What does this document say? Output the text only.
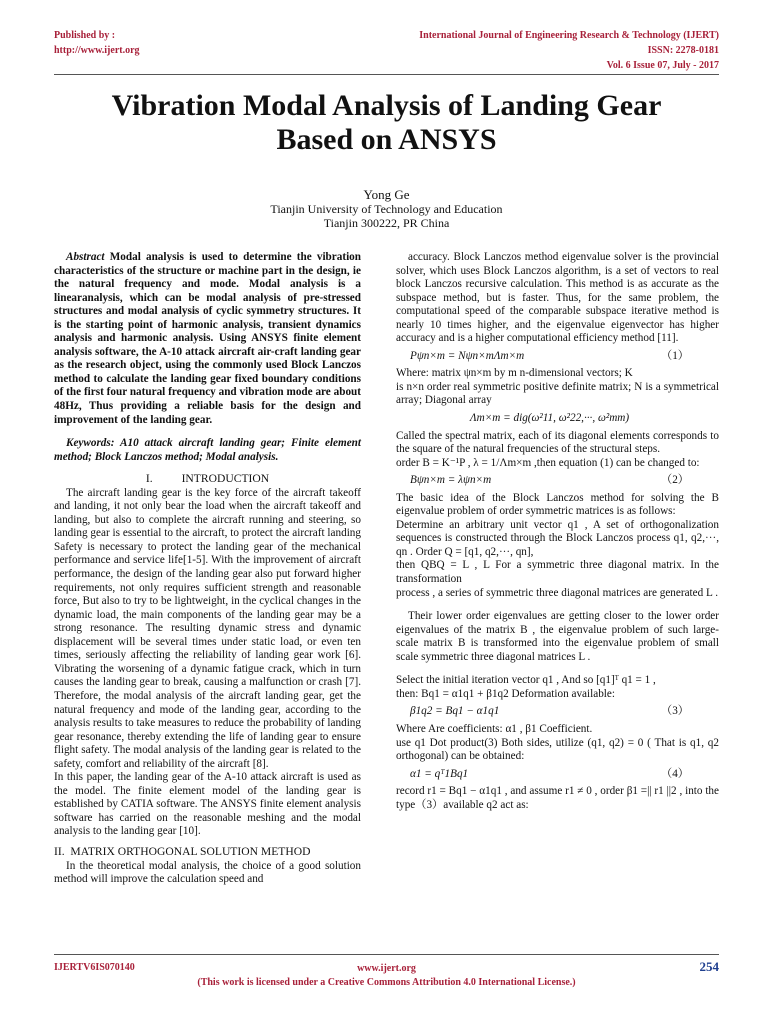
Published by :
http://www.ijert.org
International Journal of Engineering Research & Technology (IJERT)
ISSN: 2278-0181
Vol. 6 Issue 07, July - 2017
Vibration Modal Analysis of Landing Gear
Based on ANSYS
Yong Ge
Tianjin University of Technology and Education
Tianjin 300222, PR China

Abstract Modal analysis is used to determine the vibration characteristics of the structure or machine part in the design, ie the natural frequency and mode. Modal analysis is a linearanalysis, which can be modal analysis of pre-stressed structures and modal analysis of cyclic symmetry structures. It is the starting point of harmonic analysis, transient dynamics analysis and harmonic analysis. Using ANSYS finite element analysis software, the A-10 attack aircraft air-craft landing gear as the research object, using the commonly used Block Lanczos method to calculate the landing gear fixed boundary conditions of the first four natural frequency and vibration mode are about 48Hz, Thus providing a reliable basis for the design and improvement of the landing gear.

Keywords: A10 attack aircraft landing gear; Finite element method; Block Lanczos method; Modal analysis.

I.          INTRODUCTION

The aircraft landing gear is the key force of the aircraft takeoff and landing, it not only bear the load when the aircraft takeoff and landing, but also to complete the aircraft running and steering, so landing gear is essential to the aircraft, to protect the aircraft landing Safety is necessary to protect the landing gear of the mechanical performance and service life[1-5]. With the improvement of aircraft performance, the design of the landing gear also put forward higher requirements, not only requires sufficient strength and reasonable force, But also to try to be lightweight, in the cyclical changes in the dynamic load, the main components of the landing gear may be a strong resonance. The resulting dynamic stress and dynamic displacement will be several times under static load, or even ten times, seriously affecting the reliability of landing gear work [6]. Vibrating the worsening of a dynamic fatigue crack, which in turn causes the landing gear to break, causing a malfunction or crash [7]. Therefore, the modal analysis of the aircraft landing gear, get the natural frequency and mode of the landing gear, according to the analysis results to take measures to reduce the probability of landing gear resonance, thereby extending the life of landing gear to ensure flight safety. The modal analysis of the landing gear is related to the safety, comfort and reliability of the aircraft [8].

In this paper, the landing gear of the A-10 attack aircraft is used as the model. The finite element model of the landing gear is established by CATIA software. The ANSYS finite element analysis software has carried on the reasonable meshing and the modal analysis to the landing gear [10].

II.  MATRIX ORTHOGONAL SOLUTION METHOD

In the theoretical modal analysis, the choice of a good solution method will improve the calculation speed and

accuracy. Block Lanczos method eigenvalue solver is the provincial solver, which uses Block Lanczos algorithm, is a set of vectors to real block Lanczos recursive calculation. This method is as accurate as the subspace method, but is faster. Thus, for the same problem, the computational speed of the comparable subspace iterative method is nearly 10 times higher, and the eigenvalue eigenvector has higher accuracy and is a higher computational efficiency method [11].

Pψn×m = Nψn×mΛm×m	（1）

Where: matrix ψn×m by m n-dimensional vectors; K

is n×n order real symmetric positive definite matrix; N is a symmetrical array; Diagonal array

Λm×m = dig(ω²11, ω²22,···, ω²mm)

Called the spectral matrix, each of its diagonal elements corresponds to the square of the natural frequencies of the structural steps.

order B = K⁻¹P , λ = 1/Λm×m ,then equation (1) can be changed to:

Bψn×m = λψn×m	（2）

The basic idea of the Block Lanczos method for solving the B eigenvalue problem of order symmetric matrices is as follows:

Determine an arbitrary unit vector q1 , A set of orthogonalization sequences is constructed through the Block Lanczos process q1, q2,···, qn . Order Q = [q1, q2,···, qn],

then QBQ = L , L For a symmetric three diagonal matrix. In the transformation

process , a series of symmetric three diagonal matrices are generated L .

Their lower order eigenvalues are getting closer to the lower order eigenvalues of the matrix B , the eigenvalue problem of such large-scale matrix B is transformed into the eigenvalue problem of small scale symmetric three diagonal matrices L .

Select the initial iteration vector q1 , And so [q1]ᵀ q1 = 1 ,

then: Bq1 = α1q1 + β1q2 Deformation available:

β1q2 = Bq1 − α1q1	（3）

Where Are coefficients: α1 , β1 Coefficient.

use q1 Dot product(3) Both sides, utilize (q1, q2) = 0 ( That is q1, q2 orthogonal) can be obtained:

α1 = qᵀ1Bq1	（4）

record r1 = Bq1 − α1q1 , and assume r1 ≠ 0 , order β1 =|| r1 ||2 , into the type（3）available q2 act as:

IJERTV6IS070140	www.ijert.org
(This work is licensed under a Creative Commons Attribution 4.0 International License.)
254
